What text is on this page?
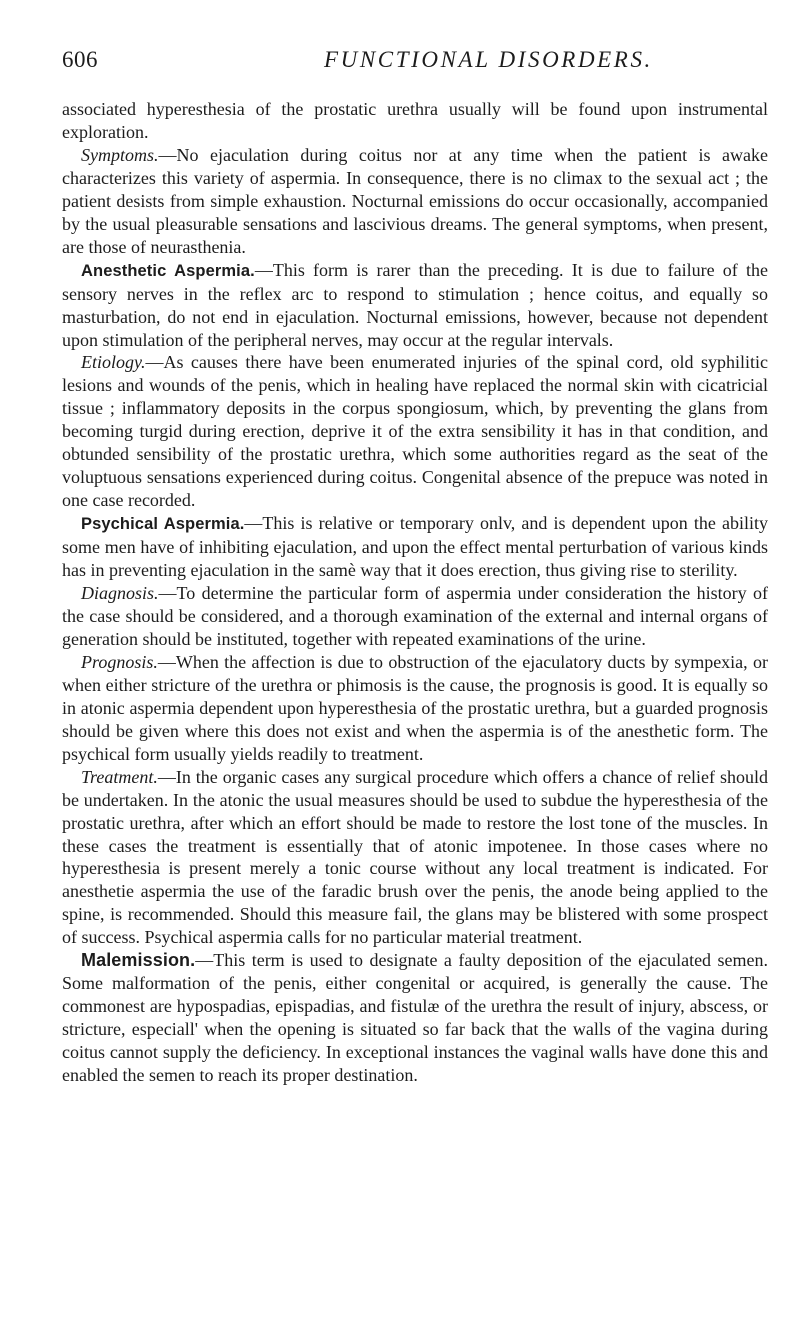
606	FUNCTIONAL DISORDERS.

associated hyperesthesia of the prostatic urethra usually will be found upon instrumental exploration.

Symptoms.—No ejaculation during coitus nor at any time when the patient is awake characterizes this variety of aspermia. In consequence, there is no climax to the sexual act ; the patient desists from simple exhaustion. Nocturnal emissions do occur occasionally, accompanied by the usual pleasurable sensations and lascivious dreams. The general symptoms, when present, are those of neurasthenia.

Anesthetic Aspermia.—This form is rarer than the preceding. It is due to failure of the sensory nerves in the reflex arc to respond to stimulation ; hence coitus, and equally so masturbation, do not end in ejaculation. Nocturnal emissions, however, because not dependent upon stimulation of the peripheral nerves, may occur at the regular intervals.

Etiology.—As causes there have been enumerated injuries of the spinal cord, old syphilitic lesions and wounds of the penis, which in healing have replaced the normal skin with cicatricial tissue ; inflammatory deposits in the corpus spongiosum, which, by preventing the glans from becoming turgid during erection, deprive it of the extra sensibility it has in that condition, and obtunded sensibility of the prostatic urethra, which some authorities regard as the seat of the voluptuous sensations experienced during coitus. Congenital absence of the prepuce was noted in one case recorded.

Psychical Aspermia.—This is relative or temporary onlv, and is dependent upon the ability some men have of inhibiting ejaculation, and upon the effect mental perturbation of various kinds has in preventing ejaculation in the samè way that it does erection, thus giving rise to sterility.

Diagnosis.—To determine the particular form of aspermia under consideration the history of the case should be considered, and a thorough examination of the external and internal organs of generation should be instituted, together with repeated examinations of the urine.

Prognosis.—When the affection is due to obstruction of the ejaculatory ducts by sympexia, or when either stricture of the urethra or phimosis is the cause, the prognosis is good. It is equally so in atonic aspermia dependent upon hyperesthesia of the prostatic urethra, but a guarded prognosis should be given where this does not exist and when the aspermia is of the anesthetic form. The psychical form usually yields readily to treatment.

Treatment.—In the organic cases any surgical procedure which offers a chance of relief should be undertaken. In the atonic the usual measures should be used to subdue the hyperesthesia of the prostatic urethra, after which an effort should be made to restore the lost tone of the muscles. In these cases the treatment is essentially that of atonic impotenee. In those cases where no hyperesthesia is present merely a tonic course without any local treatment is indicated. For anesthetie aspermia the use of the faradic brush over the penis, the anode being applied to the spine, is recommended. Should this measure fail, the glans may be blistered with some prospect of success. Psychical aspermia calls for no particular material treatment.

Malemission.—This term is used to designate a faulty deposition of the ejaculated semen. Some malformation of the penis, either congenital or acquired, is generally the cause. The commonest are hypospadias, epispadias, and fistulæ of the urethra the result of injury, abscess, or stricture, especiall' when the opening is situated so far back that the walls of the vagina during coitus cannot supply the deficiency. In exceptional instances the vaginal walls have done this and enabled the semen to reach its proper destination.
